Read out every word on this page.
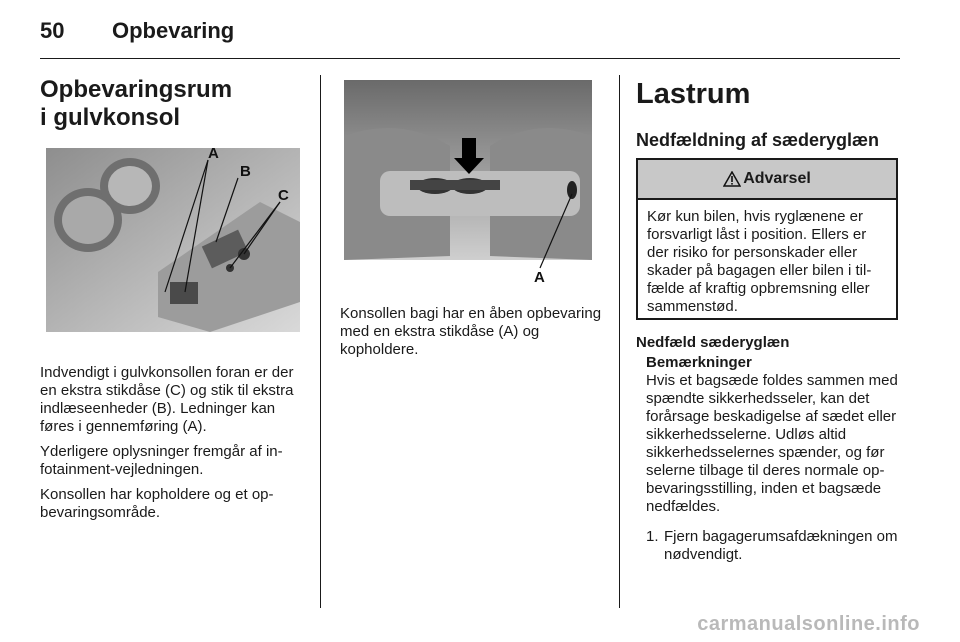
50 Opbevaring
Opbevaringsrum
i gulvkonsol
A
B
C

Indvendigt i gulvkonsollen foran er der en ekstra stikdåse (C) og stik til ekstra indlæseenheder (B). Ledninger kan føres i gennemføring (A).

Yderligere oplysninger fremgår af infotainment-vejledningen.

Konsollen har kopholdere og et opbevaringsområde.

A
Konsollen bagi har en åben opbevaring med en ekstra stikdåse (A) og kopholdere.
Lastrum
Nedfældning af sæderyglæn
Advarsel
Kør kun bilen, hvis ryglænene er forsvarligt låst i position. Ellers er der risiko for personskader eller skader på bagagen eller bilen i tilfælde af kraftig opbremsning eller sammenstød.
Nedfæld sæderyglæn
Bemærkninger
Hvis et bagsæde foldes sammen med spændte sikkerhedsseler, kan det forårsage beskadigelse af sædet eller sikkerhedsselerne. Udløs altid sikkerhedsselernes spænder, og før selerne tilbage til deres normale opbevaringsstilling, inden et bagsæde nedfældes.
1. Fjern bagagerumsafdækningen om nødvendigt.
carmanualsonline.info
